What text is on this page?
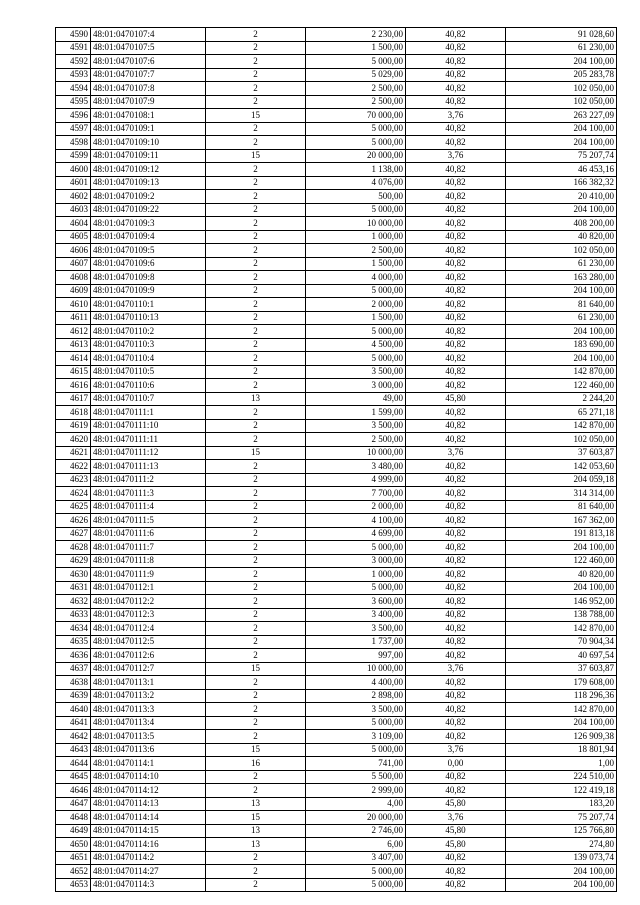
4590	48:01:0470107:4	2	2 230,00	40,82	91 028,60
4591	48:01:0470107:5	2	1 500,00	40,82	61 230,00
4592	48:01:0470107:6	2	5 000,00	40,82	204 100,00
4593	48:01:0470107:7	2	5 029,00	40,82	205 283,78
4594	48:01:0470107:8	2	2 500,00	40,82	102 050,00
4595	48:01:0470107:9	2	2 500,00	40,82	102 050,00
4596	48:01:0470108:1	15	70 000,00	3,76	263 227,09
4597	48:01:0470109:1	2	5 000,00	40,82	204 100,00
4598	48:01:0470109:10	2	5 000,00	40,82	204 100,00
4599	48:01:0470109:11	15	20 000,00	3,76	75 207,74
4600	48:01:0470109:12	2	1 138,00	40,82	46 453,16
4601	48:01:0470109:13	2	4 076,00	40,82	166 382,32
4602	48:01:0470109:2	2	500,00	40,82	20 410,00
4603	48:01:0470109:22	2	5 000,00	40,82	204 100,00
4604	48:01:0470109:3	2	10 000,00	40,82	408 200,00
4605	48:01:0470109:4	2	1 000,00	40,82	40 820,00
4606	48:01:0470109:5	2	2 500,00	40,82	102 050,00
4607	48:01:0470109:6	2	1 500,00	40,82	61 230,00
4608	48:01:0470109:8	2	4 000,00	40,82	163 280,00
4609	48:01:0470109:9	2	5 000,00	40,82	204 100,00
4610	48:01:0470110:1	2	2 000,00	40,82	81 640,00
4611	48:01:0470110:13	2	1 500,00	40,82	61 230,00
4612	48:01:0470110:2	2	5 000,00	40,82	204 100,00
4613	48:01:0470110:3	2	4 500,00	40,82	183 690,00
4614	48:01:0470110:4	2	5 000,00	40,82	204 100,00
4615	48:01:0470110:5	2	3 500,00	40,82	142 870,00
4616	48:01:0470110:6	2	3 000,00	40,82	122 460,00
4617	48:01:0470110:7	13	49,00	45,80	2 244,20
4618	48:01:0470111:1	2	1 599,00	40,82	65 271,18
4619	48:01:0470111:10	2	3 500,00	40,82	142 870,00
4620	48:01:0470111:11	2	2 500,00	40,82	102 050,00
4621	48:01:0470111:12	15	10 000,00	3,76	37 603,87
4622	48:01:0470111:13	2	3 480,00	40,82	142 053,60
4623	48:01:0470111:2	2	4 999,00	40,82	204 059,18
4624	48:01:0470111:3	2	7 700,00	40,82	314 314,00
4625	48:01:0470111:4	2	2 000,00	40,82	81 640,00
4626	48:01:0470111:5	2	4 100,00	40,82	167 362,00
4627	48:01:0470111:6	2	4 699,00	40,82	191 813,18
4628	48:01:0470111:7	2	5 000,00	40,82	204 100,00
4629	48:01:0470111:8	2	3 000,00	40,82	122 460,00
4630	48:01:0470111:9	2	1 000,00	40,82	40 820,00
4631	48:01:0470112:1	2	5 000,00	40,82	204 100,00
4632	48:01:0470112:2	2	3 600,00	40,82	146 952,00
4633	48:01:0470112:3	2	3 400,00	40,82	138 788,00
4634	48:01:0470112:4	2	3 500,00	40,82	142 870,00
4635	48:01:0470112:5	2	1 737,00	40,82	70 904,34
4636	48:01:0470112:6	2	997,00	40,82	40 697,54
4637	48:01:0470112:7	15	10 000,00	3,76	37 603,87
4638	48:01:0470113:1	2	4 400,00	40,82	179 608,00
4639	48:01:0470113:2	2	2 898,00	40,82	118 296,36
4640	48:01:0470113:3	2	3 500,00	40,82	142 870,00
4641	48:01:0470113:4	2	5 000,00	40,82	204 100,00
4642	48:01:0470113:5	2	3 109,00	40,82	126 909,38
4643	48:01:0470113:6	15	5 000,00	3,76	18 801,94
4644	48:01:0470114:1	16	741,00	0,00	1,00
4645	48:01:0470114:10	2	5 500,00	40,82	224 510,00
4646	48:01:0470114:12	2	2 999,00	40,82	122 419,18
4647	48:01:0470114:13	13	4,00	45,80	183,20
4648	48:01:0470114:14	15	20 000,00	3,76	75 207,74
4649	48:01:0470114:15	13	2 746,00	45,80	125 766,80
4650	48:01:0470114:16	13	6,00	45,80	274,80
4651	48:01:0470114:2	2	3 407,00	40,82	139 073,74
4652	48:01:0470114:27	2	5 000,00	40,82	204 100,00
4653	48:01:0470114:3	2	5 000,00	40,82	204 100,00
